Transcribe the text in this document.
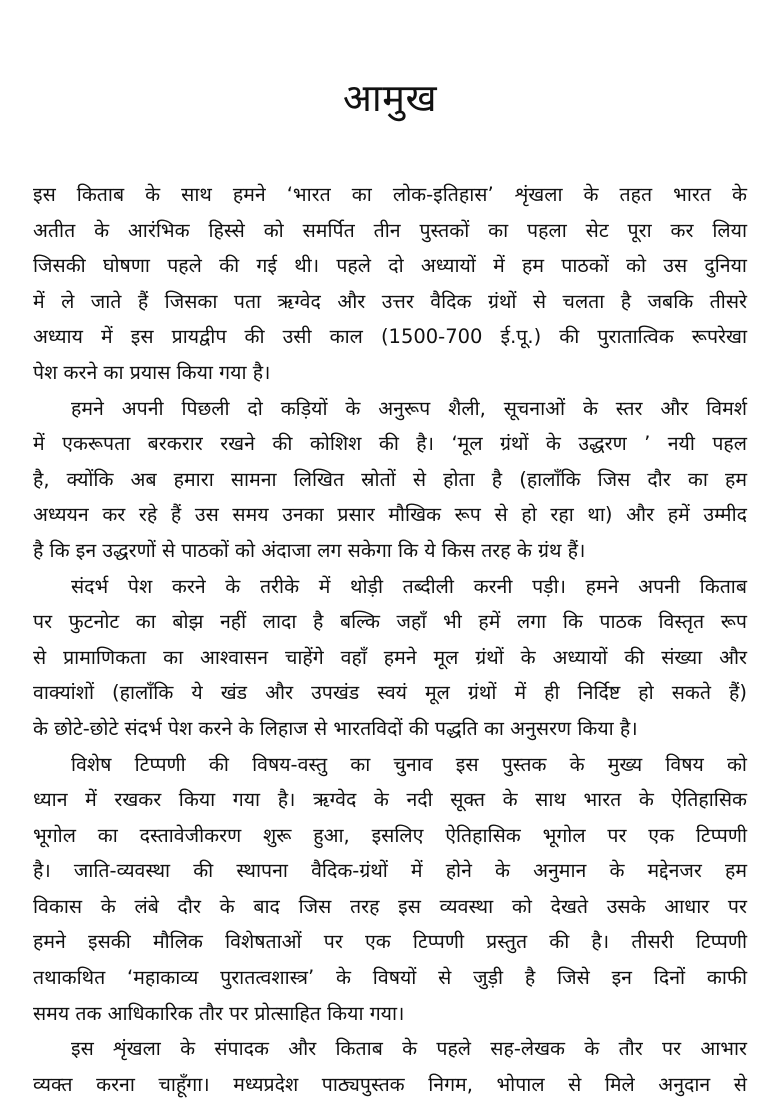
आमुख
इस किताब के साथ हमने ‘भारत का लोक-इतिहास’ शृंखला के तहत भारत के
अतीत के आरंभिक हिस्से को समर्पित तीन पुस्तकों का पहला सेट पूरा कर लिया
जिसकी घोषणा पहले की गई थी। पहले दो अध्यायों में हम पाठकों को उस दुनिया
में ले जाते हैं जिसका पता ऋग्वेद और उत्तर वैदिक ग्रंथों से चलता है जबकि तीसरे
अध्याय में इस प्रायद्वीप की उसी काल (1500-700 ई.पू.) की पुरातात्विक रूपरेखा
पेश करने का प्रयास किया गया है।
हमने अपनी पिछली दो कड़ियों के अनुरूप शैली, सूचनाओं के स्तर और विमर्श
में एकरूपता बरकरार रखने की कोशिश की है। ‘मूल ग्रंथों के उद्धरण ’ नयी पहल
है, क्योंकि अब हमारा सामना लिखित स्रोतों से होता है (हालाँकि जिस दौर का हम
अध्ययन कर रहे हैं उस समय उनका प्रसार मौखिक रूप से हो रहा था) और हमें उम्मीद
है कि इन उद्धरणों से पाठकों को अंदाजा लग सकेगा कि ये किस तरह के ग्रंथ हैं।
संदर्भ पेश करने के तरीके में थोड़ी तब्दीली करनी पड़ी। हमने अपनी किताब
पर फुटनोट का बोझ नहीं लादा है बल्कि जहाँ भी हमें लगा कि पाठक विस्तृत रूप
से प्रामाणिकता का आश्वासन चाहेंगे वहाँ हमने मूल ग्रंथों के अध्यायों की संख्या और
वाक्यांशों (हालाँकि ये खंड और उपखंड स्वयं मूल ग्रंथों में ही निर्दिष्ट हो सकते हैं)
के छोटे-छोटे संदर्भ पेश करने के लिहाज से भारतविदों की पद्धति का अनुसरण किया है।
विशेष टिप्पणी की विषय-वस्तु का चुनाव इस पुस्तक के मुख्य विषय को
ध्यान में रखकर किया गया है। ऋग्वेद के नदी सूक्त के साथ भारत के ऐतिहासिक
भूगोल का दस्तावेजीकरण शुरू हुआ, इसलिए ऐतिहासिक भूगोल पर एक टिप्पणी
है। जाति-व्यवस्था की स्थापना वैदिक-ग्रंथों में होने के अनुमान के मद्देनजर हम
विकास के लंबे दौर के बाद जिस तरह इस व्यवस्था को देखते उसके आधार पर
हमने इसकी मौलिक विशेषताओं पर एक टिप्पणी प्रस्तुत की है। तीसरी टिप्पणी
तथाकथित ‘महाकाव्य पुरातत्वशास्त्र’ के विषयों से जुड़ी है जिसे इन दिनों काफी
समय तक आधिकारिक तौर पर प्रोत्साहित किया गया।
इस शृंखला के संपादक और किताब के पहले सह-लेखक के तौर पर आभार
व्यक्त करना चाहूँगा। मध्यप्रदेश पाठ्यपुस्तक निगम, भोपाल से मिले अनुदान से
